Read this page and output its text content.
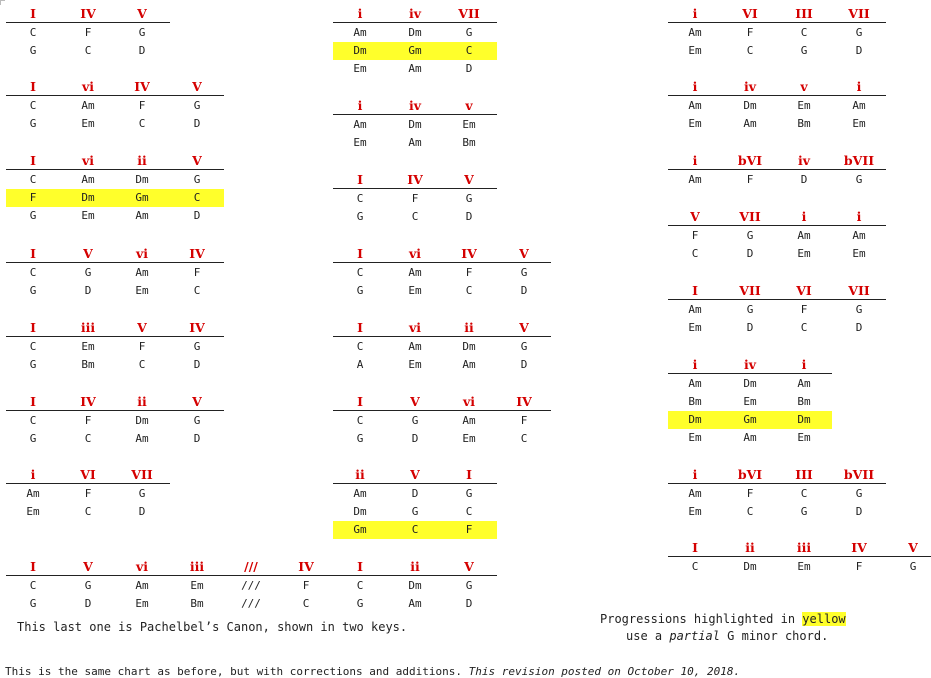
I	IV	V
C	F	G
G	C	D
I	vi	IV	V
C	Am	F	G
G	Em	C	D
I	vi	ii	V
C	Am	Dm	G
F	Dm	Gm	C
G	Em	Am	D
I	V	vi	IV
C	G	Am	F
G	D	Em	C
I	iii	V	IV
C	Em	F	G
G	Bm	C	D
I	IV	ii	V
C	F	Dm	G
G	C	Am	D
i	VI	VII
Am	F	G
Em	C	D
I	V	vi	iii	///	IV	I	ii	V
C	G	Am	Em	///	F	C	Dm	G
G	D	Em	Bm	///	C	G	Am	D
i	iv	VII
Am	Dm	G
Dm	Gm	C
Em	Am	D
i	iv	v
Am	Dm	Em
Em	Am	Bm
I	IV	V
C	F	G
G	C	D
I	vi	IV	V
C	Am	F	G
G	Em	C	D
I	vi	ii	V
C	Am	Dm	G
A	Em	Am	D
I	V	vi	IV
C	G	Am	F
G	D	Em	C
ii	V	I
Am	D	G
Dm	G	C
Gm	C	F
i	VI	III	VII
Am	F	C	G
Em	C	G	D
i	iv	v	i
Am	Dm	Em	Am
Em	Am	Bm	Em
i	bVI	iv	bVII
Am	F	D	G
V	VII	i	i
F	G	Am	Am
C	D	Em	Em
I	VII	VI	VII
Am	G	F	G
Em	D	C	D
i	iv	i
Am	Dm	Am
Bm	Em	Bm
Dm	Gm	Dm
Em	Am	Em
i	bVI	III	bVII
Am	F	C	G
Em	C	G	D
I	ii	iii	IV	V
C	Dm	Em	F	G
This last one is Pachelbel’s Canon, shown in two keys.
Progressions highlighted in yellow
use a partial G minor chord.
This is the same chart as before, but with corrections and additions. This revision posted on October 10, 2018.
